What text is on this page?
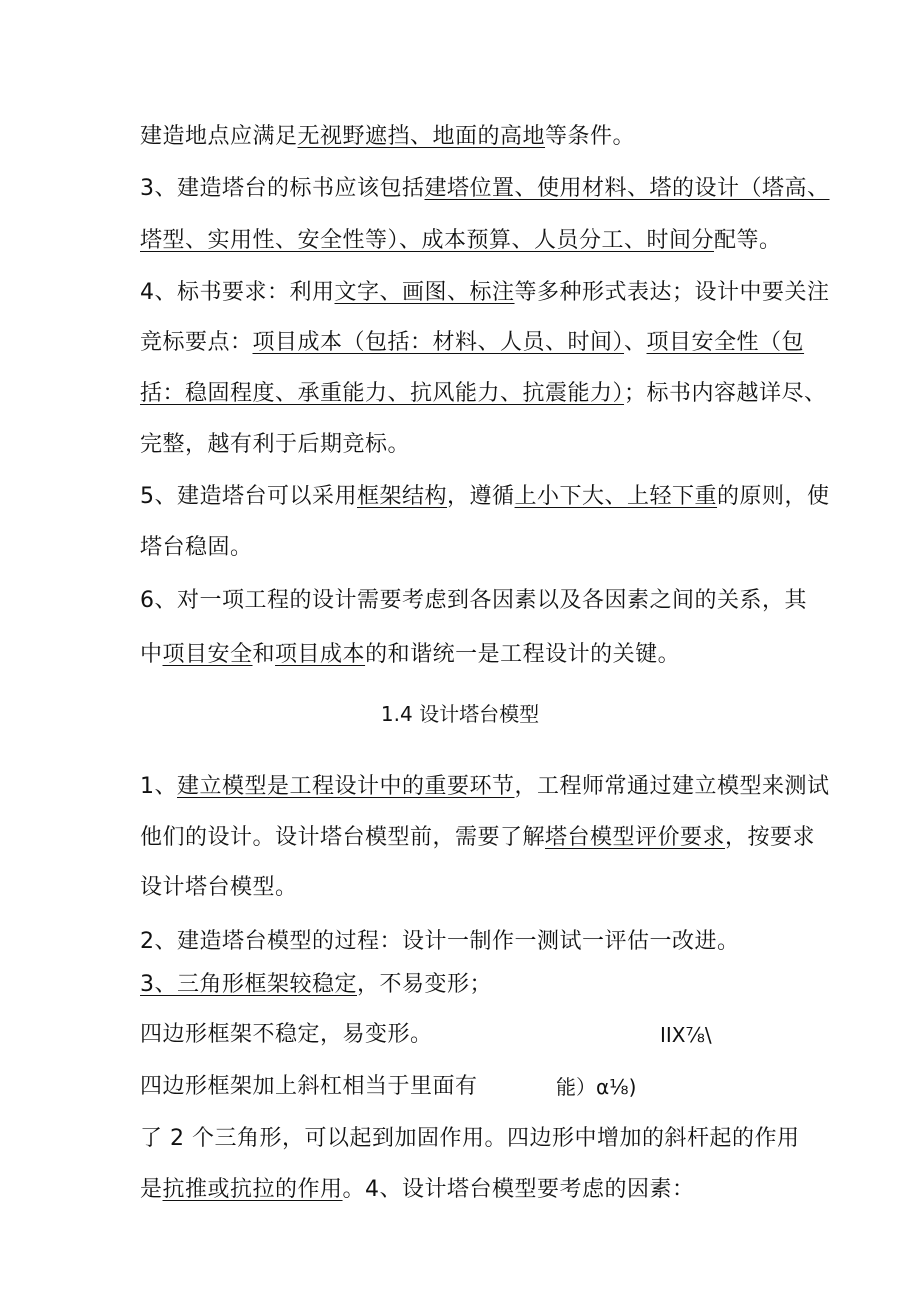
建造地点应满足无视野遮挡、地面的高地等条件。
3、建造塔台的标书应该包括建塔位置、使用材料、塔的设计（塔高、
塔型、实用性、安全性等）、成本预算、人员分工、时间分配等。
4、标书要求：利用文字、画图、标注等多种形式表达；设计中要关注
竞标要点：项目成本（包括：材料、人员、时间）、项目安全性（包
括：稳固程度、承重能力、抗风能力、抗震能力）；标书内容越详尽、
完整，越有利于后期竞标。
5、建造塔台可以采用框架结构，遵循上小下大、上轻下重的原则，使
塔台稳固。
6、对一项工程的设计需要考虑到各因素以及各因素之间的关系，其
中项目安全和项目成本的和谐统一是工程设计的关键。
1.4 设计塔台模型
1、建立模型是工程设计中的重要环节，工程师常通过建立模型来测试
他们的设计。设计塔台模型前，需要了解塔台模型评价要求，按要求
设计塔台模型。
2、建造塔台模型的过程：设计一制作一测试一评估一改进。
3、三角形框架较稳定，不易变形；
四边形框架不稳定，易变形。	IIX⅞\
四边形框架加上斜杠相当于里面有	能）α⅛)
了 2 个三角形，可以起到加固作用。四边形中增加的斜杆起的作用
是抗推或抗拉的作用。4、设计塔台模型要考虑的因素：
